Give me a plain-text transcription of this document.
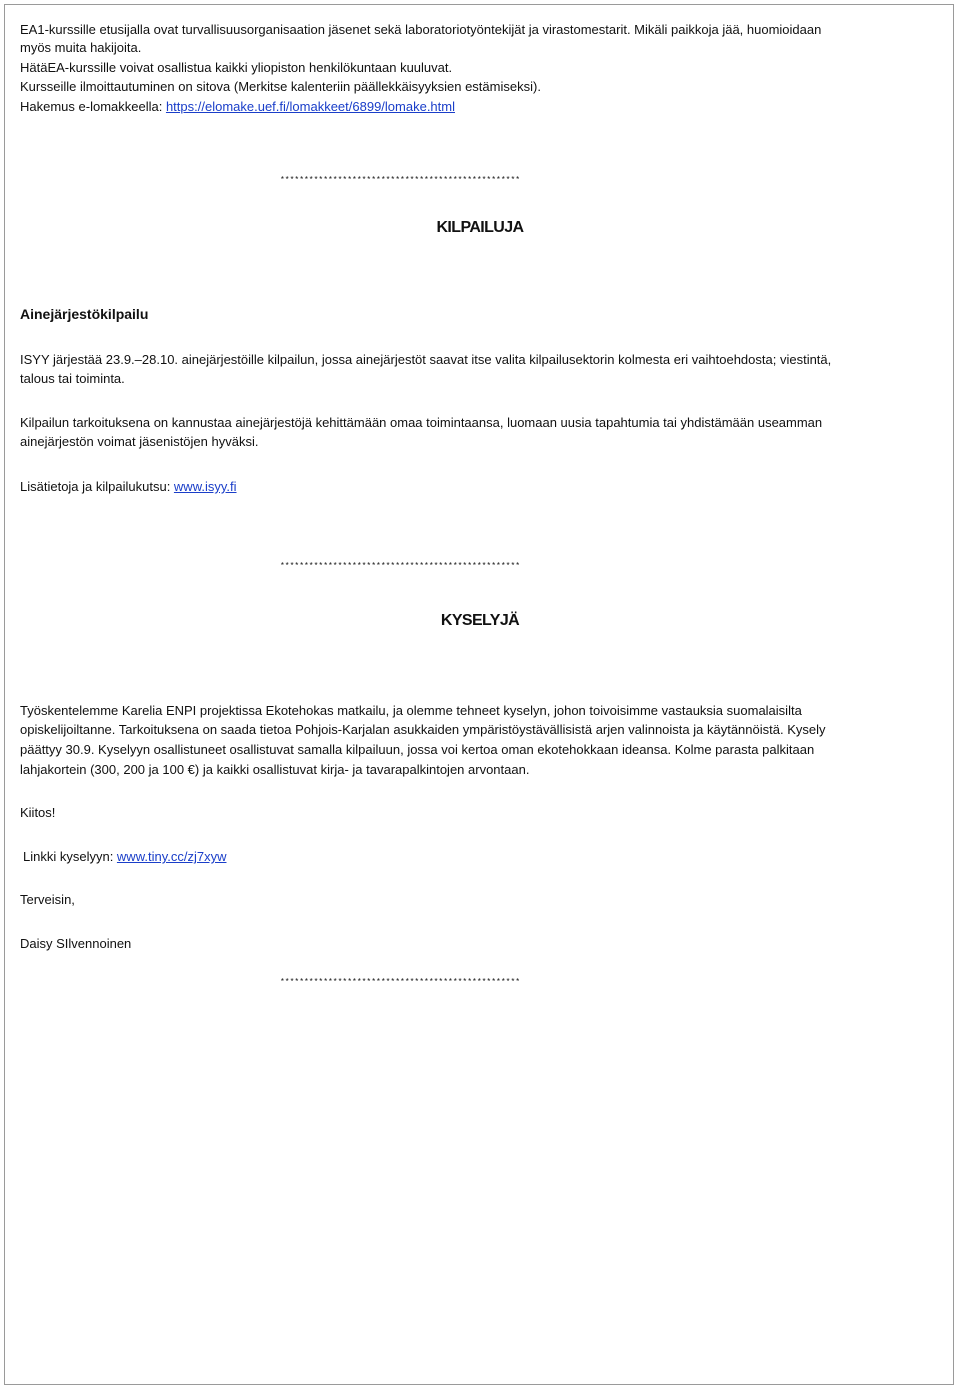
EA1-kurssille etusijalla ovat turvallisuusorganisaation jäsenet sekä laboratoriotyöntekijät ja virastomestarit. Mikäli paikkoja jää, huomioidaan

myös muita hakijoita.

HätäEA-kurssille voivat osallistua kaikki yliopiston henkilökuntaan kuuluvat.

Kursseille ilmoittautuminen on sitova (Merkitse kalenteriin päällekkäisyyksien estämiseksi).

Hakemus e-lomakkeella: https://elomake.uef.fi/lomakkeet/6899/lomake.html

**************************************************

KILPAILUJA

Ainejärjestökilpailu

ISYY järjestää 23.9.–28.10. ainejärjestöille kilpailun, jossa ainejärjestöt saavat itse valita kilpailusektorin kolmesta eri vaihtoehdosta; viestintä,

talous tai toiminta.

Kilpailun tarkoituksena on kannustaa ainejärjestöjä kehittämään omaa toimintaansa, luomaan uusia tapahtumia tai yhdistämään useamman

ainejärjestön voimat jäsenistöjen hyväksi.

Lisätietoja ja kilpailukutsu: www.isyy.fi

**************************************************

KYSELYJÄ

Työskentelemme Karelia ENPI projektissa Ekotehokas matkailu, ja olemme tehneet kyselyn, johon toivoisimme vastauksia suomalaisilta

opiskelijoiltanne. Tarkoituksena on saada tietoa Pohjois-Karjalan asukkaiden ympäristöystävällisistä arjen valinnoista ja käytännöistä. Kysely

päättyy 30.9. Kyselyyn osallistuneet osallistuvat samalla kilpailuun, jossa voi kertoa oman ekotehokkaan ideansa. Kolme parasta palkitaan

lahjakortein (300, 200 ja 100 €) ja kaikki osallistuvat kirja- ja tavarapalkintojen arvontaan.

Kiitos!

Linkki kyselyyn: www.tiny.cc/zj7xyw

Terveisin,

Daisy SIlvennoinen

**************************************************
